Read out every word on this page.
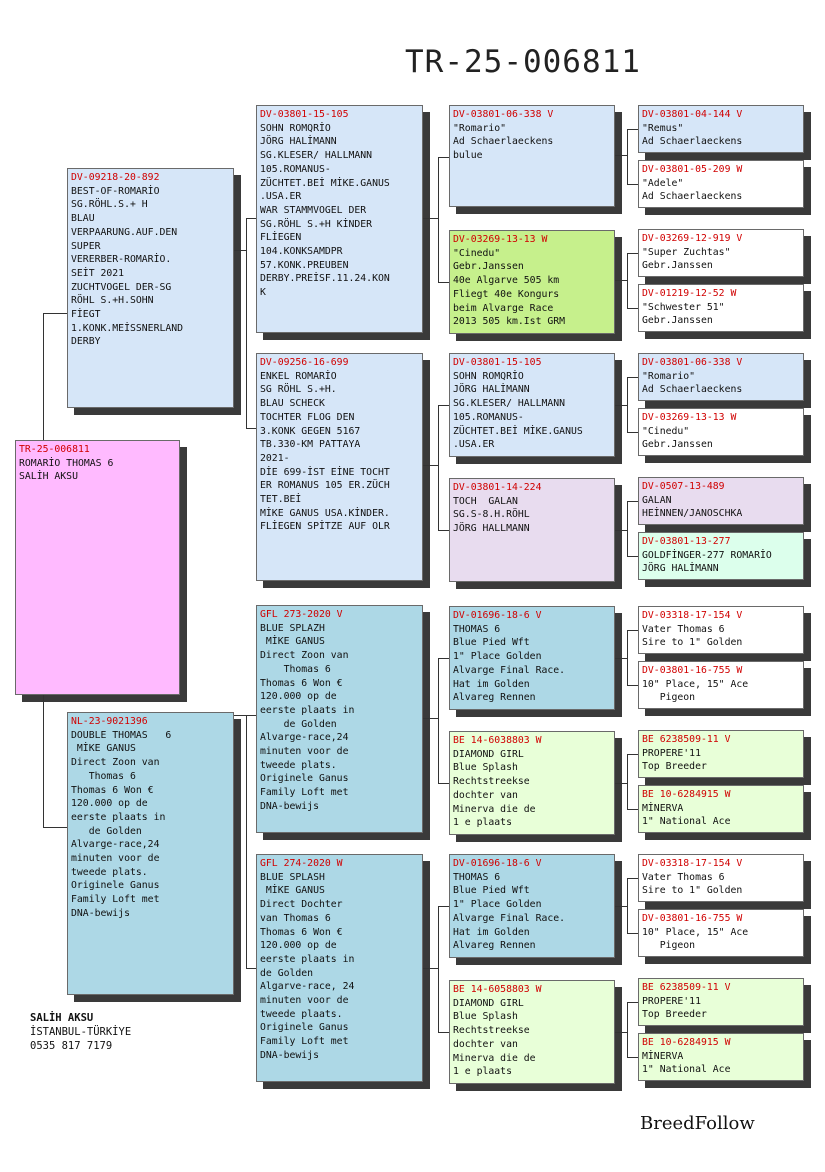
TR-25-006811
TR-25-006811
ROMARİO THOMAS 6
SALİH AKSU
DV-09218-20-892
BEST-OF-ROMARİO
SG.RÖHL.S.+ H
BLAU
VERPAARUNG.AUF.DEN
SUPER
VERERBER-ROMARİO.
SEİT 2021
ZUCHTVOGEL DER-SG
RÖHL S.+H.SOHN
FİEGT
1.KONK.MEİSSNERLAND
DERBY
NL-23-9021396
DOUBLE THOMAS   6
MİKE GANUS
Direct Zoon van
Thomas 6
Thomas 6 Won €
120.000 op de
eerste plaats in
de Golden
Alvarge-race,24
minuten voor de
tweede plats.
Originele Ganus
Family Loft met
DNA-bewijs
DV-03801-15-105
SOHN ROMQRİO
JÖRG HALİMANN
SG.KLESER/ HALLMANN
105.ROMANUS-
ZÜCHTET.BEİ MİKE.GANUS
.USA.ER
WAR STAMMVOGEL DER
SG.RÖHL S.+H KİNDER
FLİEGEN
104.KONKSAMDPR
57.KONK.PREUBEN
DERBY.PREİSF.11.24.KON
K
DV-09256-16-699
ENKEL ROMARİO
SG RÖHL S.+H.
BLAU SCHECK
TOCHTER FLOG DEN
3.KONK GEGEN 5167
TB.330-KM PATTAYA
2021-
DİE 699-İST EİNE TOCHT
ER ROMANUS 105 ER.ZÜCH
TET.BEİ
MİKE GANUS USA.KİNDER.
FLİEGEN SPİTZE AUF OLR
GFL 273-2020 V
BLUE SPLAZH
MİKE GANUS
Direct Zoon van
Thomas 6
Thomas 6 Won €
120.000 op de
eerste plaats in
de Golden
Alvarge-race,24
minuten voor de
tweede plats.
Originele Ganus
Family Loft met
DNA-bewijs
GFL 274-2020 W
BLUE SPLASH
MİKE GANUS
Direct Dochter
van Thomas 6
Thomas 6 Won €
120.000 op de
eerste plaats in
de Golden
Algarve-race, 24
minuten voor de
tweede plaats.
Originele Ganus
Family Loft met
DNA-bewijs
DV-03801-06-338 V
"Romario"
Ad Schaerlaeckens
bulue
DV-03269-13-13 W
"Cinedu"
Gebr.Janssen
40e Algarve 505 km
Fliegt 40e Kongurs
beim Alvarge Race
2013 505 km.Ist GRM
DV-03801-15-105
SOHN ROMQRİO
JÖRG HALİMANN
SG.KLESER/ HALLMANN
105.ROMANUS-
ZÜCHTET.BEİ MİKE.GANUS
.USA.ER
DV-03801-14-224
TOCH  GALAN
SG.S-8.H.RÖHL
JÖRG HALLMANN
DV-01696-18-6 V
THOMAS 6
Blue Pied Wft
1" Place Golden
Alvarge Final Race.
Hat im Golden
Alvareg Rennen
BE 14-6038803 W
DIAMOND GIRL
Blue Splash
Rechtstreekse
dochter van
Minerva die de
1 e plaats
DV-01696-18-6 V
THOMAS 6
Blue Pied Wft
1" Place Golden
Alvarge Final Race.
Hat im Golden
Alvareg Rennen
BE 14-6058803 W
DIAMOND GIRL
Blue Splash
Rechtstreekse
dochter van
Minerva die de
1 e plaats
DV-03801-04-144 V
"Remus"
Ad Schaerlaeckens
DV-03801-05-209 W
"Adele"
Ad Schaerlaeckens
DV-03269-12-919 V
"Super Zuchtas"
Gebr.Janssen
DV-01219-12-52 W
"Schwester 51"
Gebr.Janssen
DV-03801-06-338 V
"Romario"
Ad Schaerlaeckens
DV-03269-13-13 W
"Cinedu"
Gebr.Janssen
DV-0507-13-489
GALAN
HEİNNEN/JANOSCHKA
DV-03801-13-277
GOLDFİNGER-277 ROMARİO
JÖRG HALİMANN
DV-03318-17-154 V
Vater Thomas 6
Sire to 1" Golden
DV-03801-16-755 W
10" Place, 15" Ace
Pigeon
BE 6238509-11 V
PROPERE'11
Top Breeder
BE 10-6284915 W
MİNERVA
1" National Ace
DV-03318-17-154 V
Vater Thomas 6
Sire to 1" Golden
DV-03801-16-755 W
10" Place, 15" Ace
Pigeon
BE 6238509-11 V
PROPERE'11
Top Breeder
BE 10-6284915 W
MİNERVA
1" National Ace
SALİH AKSU
İSTANBUL-TÜRKİYE
0535 817 7179
BreedFollow
